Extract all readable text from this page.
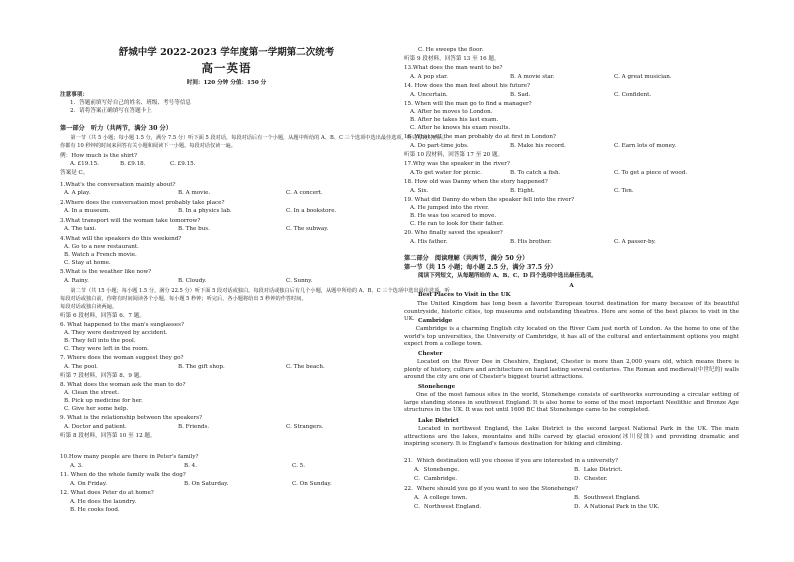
舒城中学 2022-2023 学年度第一学期第二次统考
高一英语
时间：120 分钟 分值：150 分
注意事项：
1．答题前填写好自己的姓名、班级、考号等信息
2．请将答案正确填写在答题卡上
第一部分　听力（共两节，满分 30 分）
　　第一节（共 5 小题；每小题 1.5 分，满分 7.5 分）听下面 5 段对话，每段对话后有一个小题，从题中所给的 A、B、C 三个选项中选出最佳选项。听完每段对话后，
你都有 10 秒钟的时间来回答有关小题和阅读下一小题。每段对话仅读一遍。
例：How much is the shirt?
A. £19.15.	B. £9.18.	C. £9.15.
答案是 C。
1.What's the conversation mainly about?
A. A play.	B. A movie.	C. A concert.
2.Where does the conversation most probably take place?
A. In a museum.	B. In a physics lab.	C. In a bookstore.
3.What transport will the woman take tomorrow?
A. The taxi.	B. The bus.	C. The subway.
4.What will the speakers do this weekend?
A. Go to a new restaurant.
B. Watch a French movie.
C. Stay at home.
5.What is the weather like now?
A. Rainy.	B. Cloudy.	C. Sunny.
　　第二节（共 15 小题；每小题 1.5 分，满分 22.5 分）听下面 5 段对话或独白。每段对话或独白后有几个小题，从题中所给的 A、B、C 三个选项中选出最佳选项。听
每段对话或独白前，你将有时间阅读各个小题，每小题 5 秒钟；听完后，各小题将给出 5 秒钟的作答时间。
每段对话或独白读两遍。
听第 6 段材料，回答第 6、7 题。
6. What happened to the man's sunglasses?
A. They were destroyed by accident.
B. They fell into the pool.
C. They were left in the room.
7. Where does the woman suggest they go?
A. The pool.	B. The gift shop.	C. The beach.
听第 7 段材料，回答第 8、9 题。
8. What does the woman ask the man to do?
A. Clean the street.
B. Pick up medicine for her.
C. Give her some help.
9. What is the relationship between the speakers?
A. Doctor and patient.	B. Friends.	C. Strangers.
听第 8 段材料，回答第 10 至 12 题。
10.How many people are there in Peter's family?
A. 3.	B. 4.	C. 5.
11. When do the whole family walk the dog?
A. On Friday.	B. On Saturday.	C. On Sunday.
12. What does Peter do at home?
A. He does the laundry.
B. He cooks food.
C. He sweeps the floor.
听第 9 段材料，回答第 13 至 16 题。
13.What does the man want to be?
A. A pop star.	B. A movie star.	C. A great musician.
14. How does the man feel about his future?
A. Uncertain.	B. Sad.	C. Confident.
15. When will the man go to find a manager?
A. After he moves to London.
B. After he takes his last exam.
C. After he knows his exam results.
16. What will the man probably do at first in London?
A. Do part-time jobs.	B. Make his record.	C. Earn lots of money.
听第 10 段材料，回答第 17 至 20 题。
17.Why was the speaker in the river?
A.To get water for picnic.	B. To catch a fish.	C. To get a piece of wood.
18. How old was Danny when the story happened?
A. Six.	B. Eight.	C. Ten.
19. What did Danny do when the speaker fell into the river?
A. He jumped into the river.
B. He was too scared to move.
C. He ran to look for their father.
20. Who finally saved the speaker?
A. His father.	B. His brother.	C. A passer-by.
第二部分　阅读理解（共两节，满分 50 分）
第一节（共 15 小题；每小题 2.5 分，满分 37.5 分）
阅读下列短文，从每题所给的 A、B、C、D 四个选项中选出最佳选项。
A
Best Places to Visit in the UK
　　The United Kingdom has long been a favorite European tourist destination for many because of its beautiful countryside, historic cities, top museums and outstanding theatres. Here are some of the best places to visit in the UK. Cambridge
　　Cambridge is a charming English city located on the River Cam just north of London. As the home to one of the world's top universities, the University of Cambridge, it has all of the cultural and entertainment options you might expect from a college town.
Chester
　　Located on the River Dee in Cheshire, England, Chester is more than 2,000 years old, which means there is plenty of history, culture and architecture on hand lasting several centuries. The Roman and medieval(中世纪的) walls around the city are one of Chester's biggest tourist attractions.
Stonehenge
　　One of the most famous sites in the world, Stonehenge consists of earthworks surrounding a circular setting of large standing stones in southwest England. It is also home to some of the most important Neolithic and Bronze Age structures in the UK. It was not until 1600 BC that Stonehenge came to be completed.
Lake District
　　Located in northwest England, the Lake District is the second largest National Park in the UK. The main attractions are the lakes, mountains and hills carved by glacial erosion(冰川侵蚀) and providing dramatic and inspiring scenery. It is England's famous destination for hiking and climbing.
21．Which destination will you choose if you are interested in a university?
A．Stonehenge.	B．Lake District.
C．Cambridge.	D．Chester.
22．Where should you go if you want to see the Stonehenge?
A．A college town.	B．Southwest England.
C．Northwest England.	D．A National Park in the UK.
